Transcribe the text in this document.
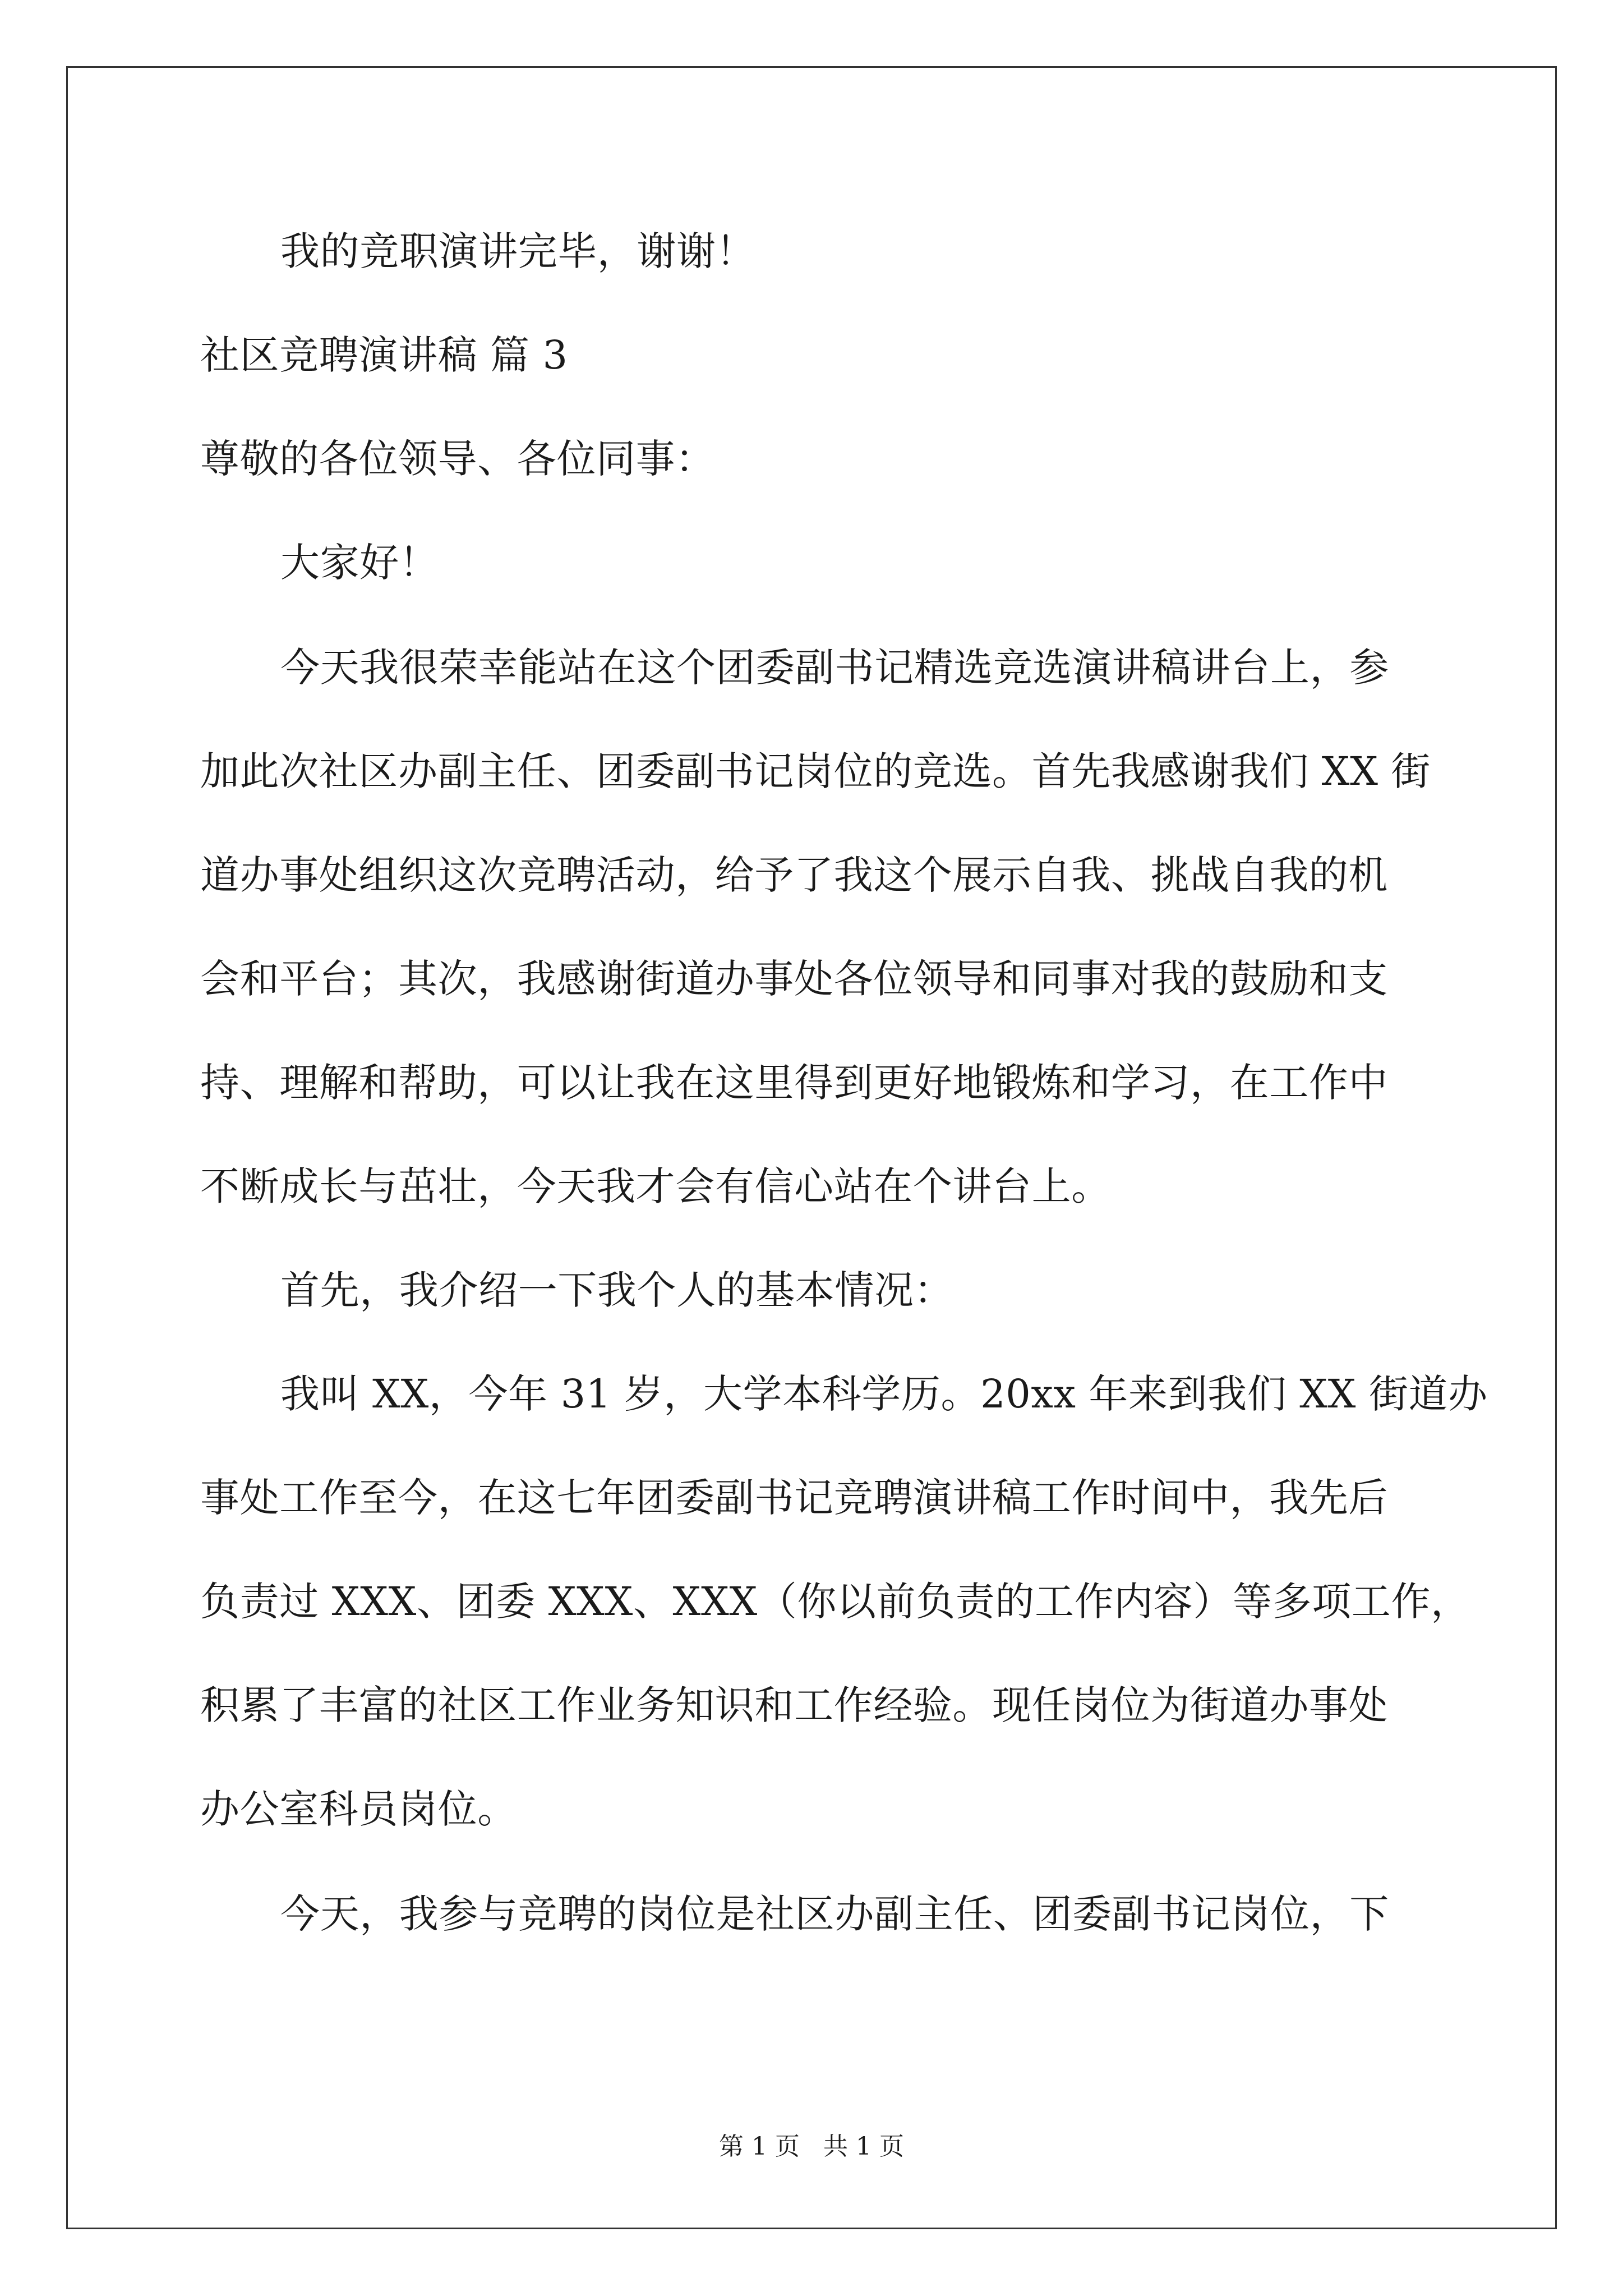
我的竞职演讲完毕，谢谢！

社区竞聘演讲稿 篇 3

尊敬的各位领导、各位同事：

大家好！

今天我很荣幸能站在这个团委副书记精选竞选演讲稿讲台上，参

加此次社区办副主任、团委副书记岗位的竞选。首先我感谢我们 XX 街

道办事处组织这次竞聘活动，给予了我这个展示自我、挑战自我的机

会和平台；其次，我感谢街道办事处各位领导和同事对我的鼓励和支

持、理解和帮助，可以让我在这里得到更好地锻炼和学习，在工作中

不断成长与茁壮，今天我才会有信心站在个讲台上。

首先，我介绍一下我个人的基本情况：

我叫 XX，今年 31 岁，大学本科学历。20xx 年来到我们 XX 街道办

事处工作至今，在这七年团委副书记竞聘演讲稿工作时间中，我先后

负责过 XXX、团委 XXX、XXX（你以前负责的工作内容）等多项工作，

积累了丰富的社区工作业务知识和工作经验。现任岗位为街道办事处

办公室科员岗位。

今天，我参与竞聘的岗位是社区办副主任、团委副书记岗位，下

第 1 页   共 1 页
